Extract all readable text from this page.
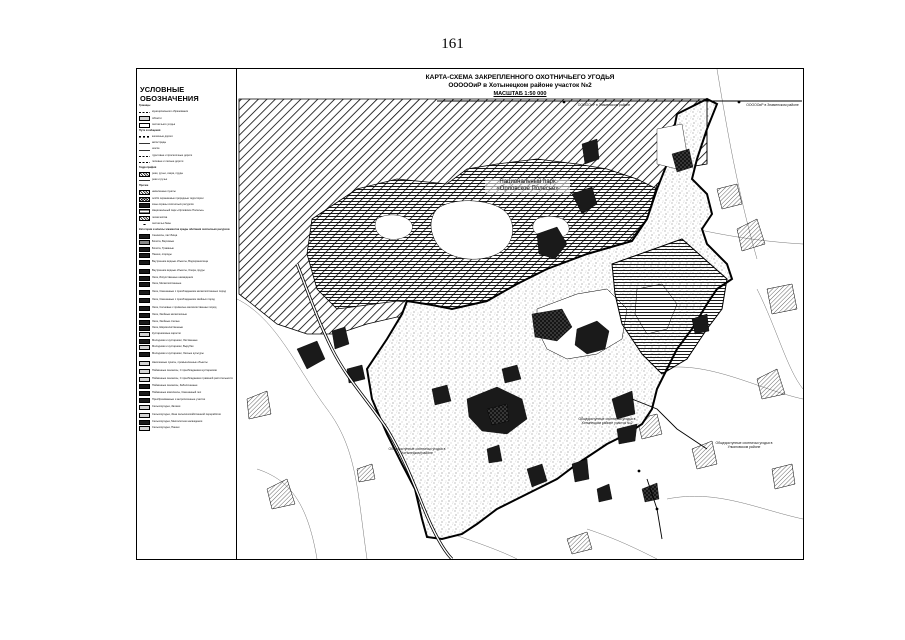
161
УСЛОВНЫЕ ОБОЗНАЧЕНИЯ
Границы
муниципального образования
области
охотничьего угодья
Пути сообщения
железные дороги
автострады
шоссе
грунтовые и проселочные дороги
полевые и лесные дороги
Гидрография
реки, ручьи, озера, пруды
реки и ручьи
Прочее
населенные пункты
особо охраняемые природные территории
зоны охраны охотничьих ресурсов
Национальный парк «Орловское Полесье»
лесничества
охотничьи базы
Категории и классы элементов среды обитания охотничьих ресурсов
Сенокосы, пастбища
Болота, Верховые
Болота, Травяные
Пашни, огороды
Внутренние водные объекты, Водохранилища
Внутренние водные объекты, Озера, пруды
Леса, Искусственные насаждения
Леса, Мелколиственные
Леса, Смешанные с преобладанием мелколиственных пород
Леса, Смешанные с преобладанием хвойных пород
Леса, Сосновые с примесью мелколиственных пород
Леса, Хвойные мелколесные
Леса, Хвойные спелые
Леса, Широколиственные
Кустарниковые заросли
Молодняки и кустарники, Лиственные
Молодняки и кустарники, Вырубки
Молодняки и кустарники, Лесные культуры
Населенные пункты, промышленные объекты
Пойменные сенокосы, С преобладанием кустарников
Пойменные сенокосы, С преобладанием травяной растительности
Пойменные сенокосы, Заболоченные
Пойменные комплексы, Смешанный лес
Преобразованные и антропогенные участки
Сельхозугодья, Залежи
Сельхозугодья, Зона сельскохозяйственной переработки
Сельхозугодья, Многолетние насаждения
Сельхозугодья, Пашни
Национальный парк «Орловское Полесье»
ОООООиР в Знаменском районе	ОООООиР в Знаменском районе
Общедоступные охотничьи угодья в Хотынецком районе
Общедоступные охотничьи угодья в Хотынецком районе участок №2
Общедоступные охотничьи угодья в Ульяновском районе
КАРТА-СХЕМА ЗАКРЕПЛЕННОГО ОХОТНИЧЬЕГО УГОДЬЯ
ОООООиР в Хотынецком районе участок №2
МАСШТАБ 1:50 000
